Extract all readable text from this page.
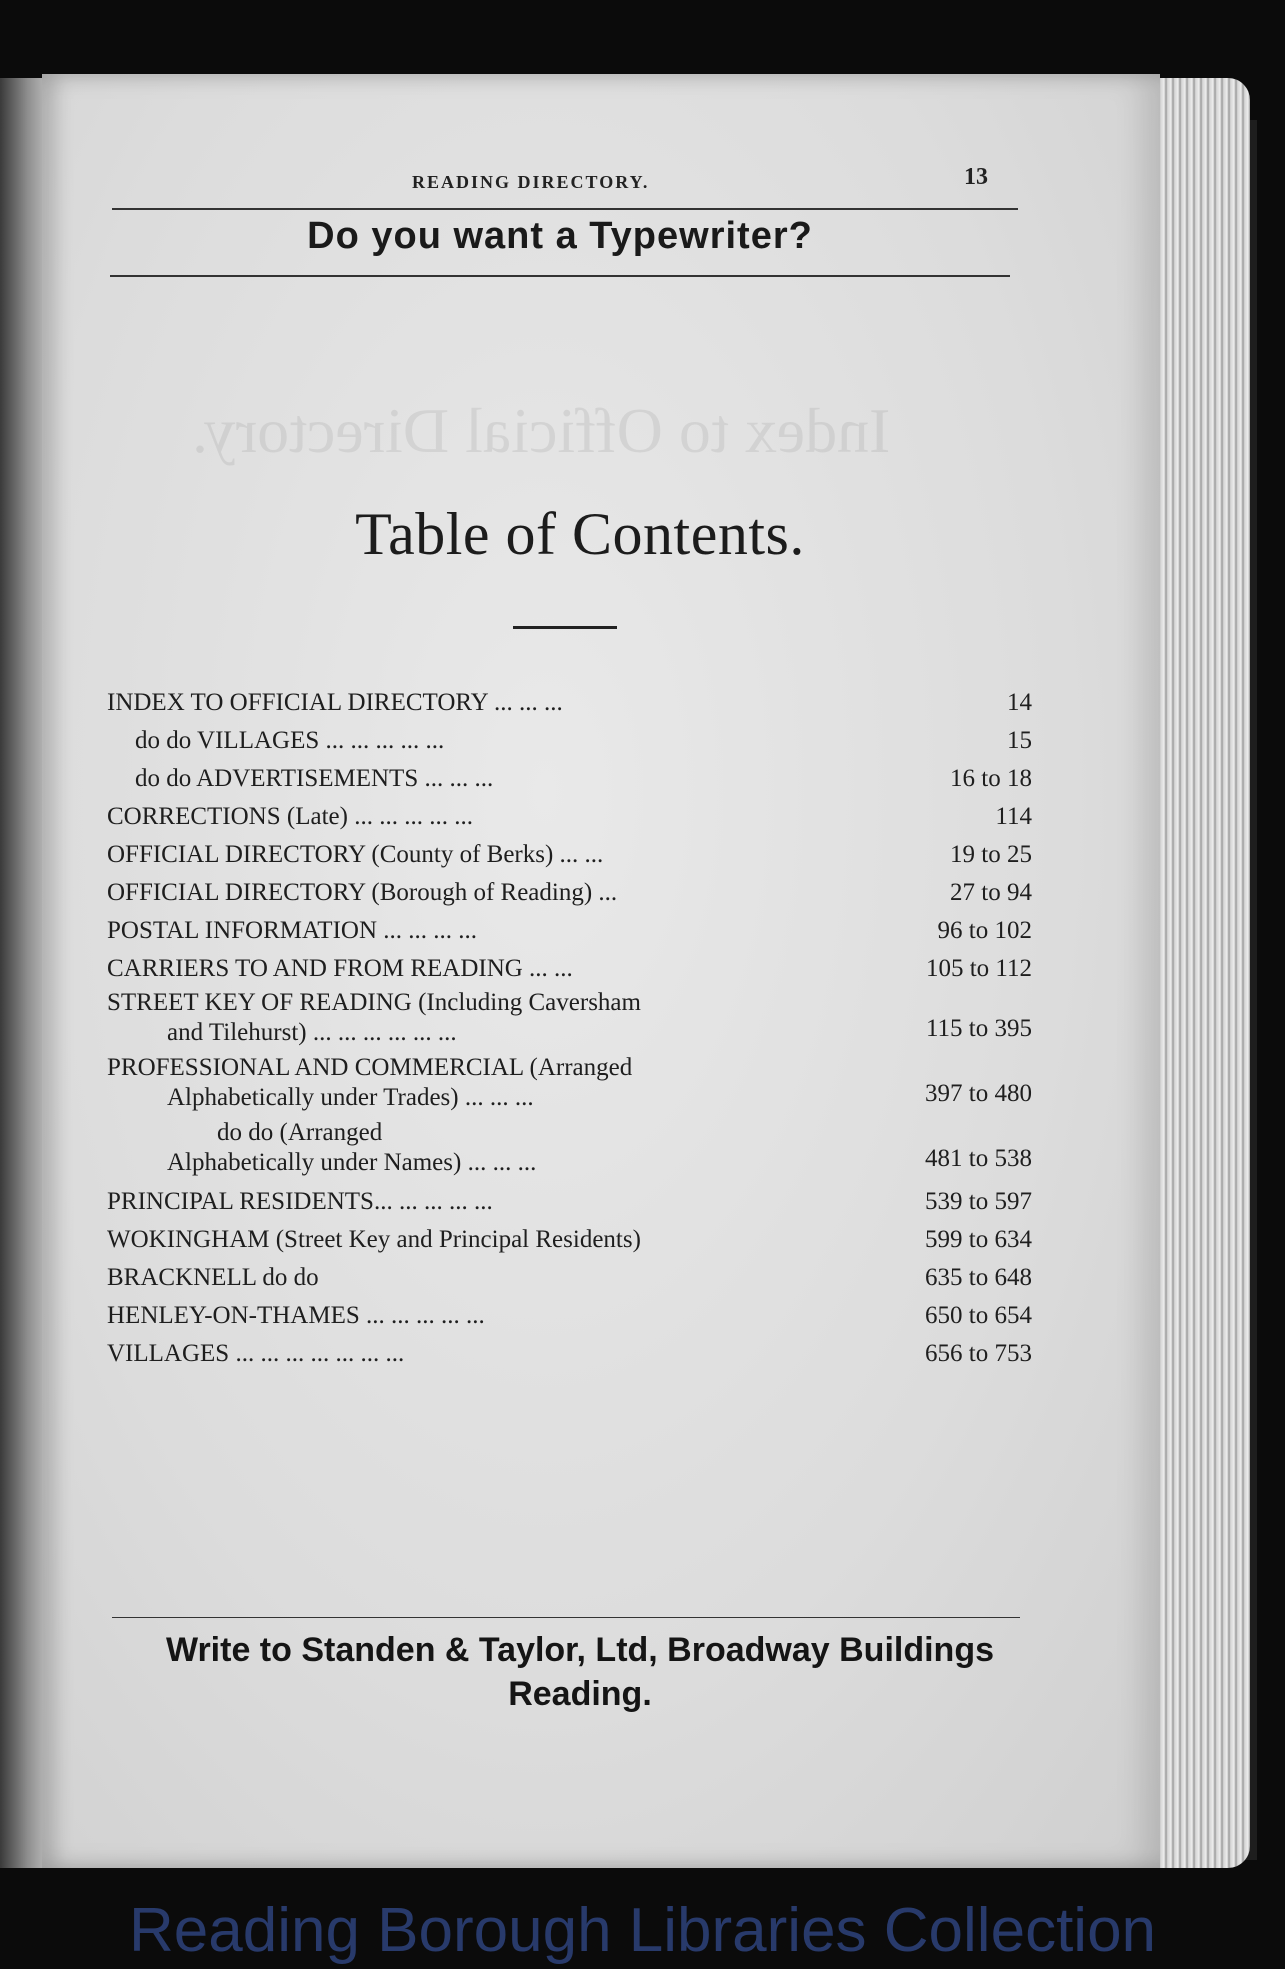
Index to Official Directory.
READING DIRECTORY.	13
Do you want a Typewriter?
Table of Contents.
INDEX TO OFFICIAL DIRECTORY ... ... ...	14
do do VILLAGES ... ... ... ... ...	15
do do ADVERTISEMENTS ... ... ...	16 to 18
CORRECTIONS (Late) ... ... ... ... ...	114
OFFICIAL DIRECTORY (County of Berks) ... ...	19 to 25
OFFICIAL DIRECTORY (Borough of Reading) ...	27 to 94
POSTAL INFORMATION ... ... ... ...	96 to 102
CARRIERS TO AND FROM READING ... ...	105 to 112
STREET KEY OF READING (Including Caversham
and Tilehurst) ... ... ... ... ... ...	115 to 395
PROFESSIONAL AND COMMERCIAL (Arranged
Alphabetically under Trades) ... ... ...	397 to 480
do do (Arranged
Alphabetically under Names) ... ... ...	481 to 538
PRINCIPAL RESIDENTS... ... ... ... ...	539 to 597
WOKINGHAM (Street Key and Principal Residents)	599 to 634
BRACKNELL do do	635 to 648
HENLEY-ON-THAMES ... ... ... ... ...	650 to 654
VILLAGES ... ... ... ... ... ... ...	656 to 753
Write to Standen & Taylor, Ltd, Broadway Buildings
Reading.
Reading Borough Libraries Collection
